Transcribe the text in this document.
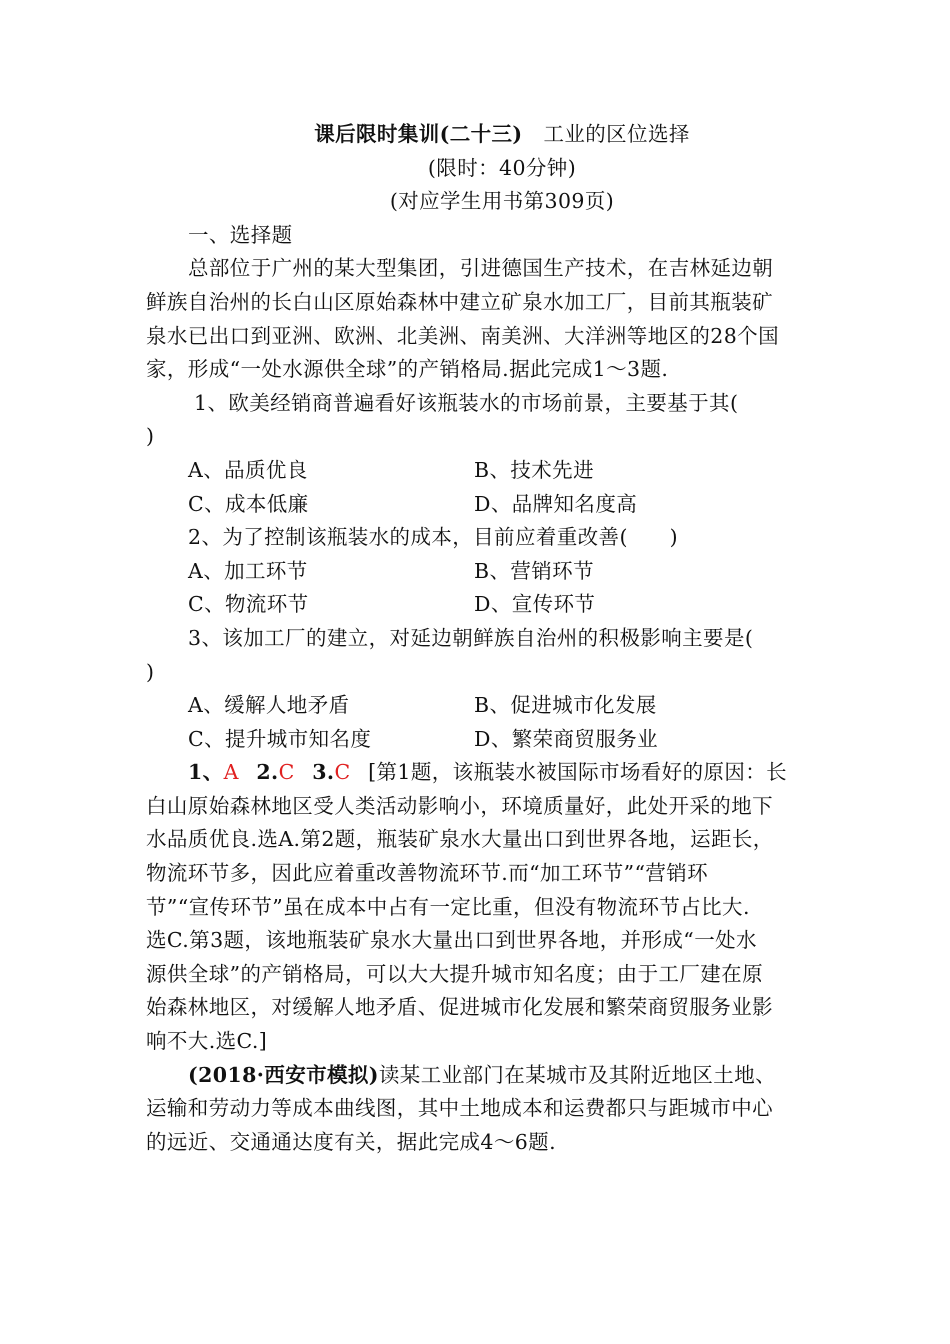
课后限时集训(二十三)  工业的区位选择
(限时：40分钟)
(对应学生用书第309页)
一、选择题
总部位于广州的某大型集团，引进德国生产技术，在吉林延边朝
鲜族自治州的长白山区原始森林中建立矿泉水加工厂，目前其瓶装矿
泉水已出口到亚洲、欧洲、北美洲、南美洲、大洋洲等地区的28个国
家，形成“一处水源供全球”的产销格局.据此完成1～3题.
1、欧美经销商普遍看好该瓶装水的市场前景，主要基于其(
)
A、品质优良	B、技术先进
C、成本低廉	D、品牌知名度高
2、为了控制该瓶装水的成本，目前应着重改善(　　)
A、加工环节	B、营销环节
C、物流环节	D、宣传环节
3、该加工厂的建立，对延边朝鲜族自治州的积极影响主要是(
)
A、缓解人地矛盾	B、促进城市化发展
C、提升城市知名度	D、繁荣商贸服务业
1、A  2.C  3.C  [第1题，该瓶装水被国际市场看好的原因：长
白山原始森林地区受人类活动影响小，环境质量好，此处开采的地下
水品质优良.选A.第2题，瓶装矿泉水大量出口到世界各地，运距长，
物流环节多，因此应着重改善物流环节.而“加工环节”“营销环
节”“宣传环节”虽在成本中占有一定比重，但没有物流环节占比大.
选C.第3题，该地瓶装矿泉水大量出口到世界各地，并形成“一处水
源供全球”的产销格局，可以大大提升城市知名度；由于工厂建在原
始森林地区，对缓解人地矛盾、促进城市化发展和繁荣商贸服务业影
响不大.选C.]
(2018·西安市模拟)读某工业部门在某城市及其附近地区土地、
运输和劳动力等成本曲线图，其中土地成本和运费都只与距城市中心
的远近、交通通达度有关，据此完成4～6题.
